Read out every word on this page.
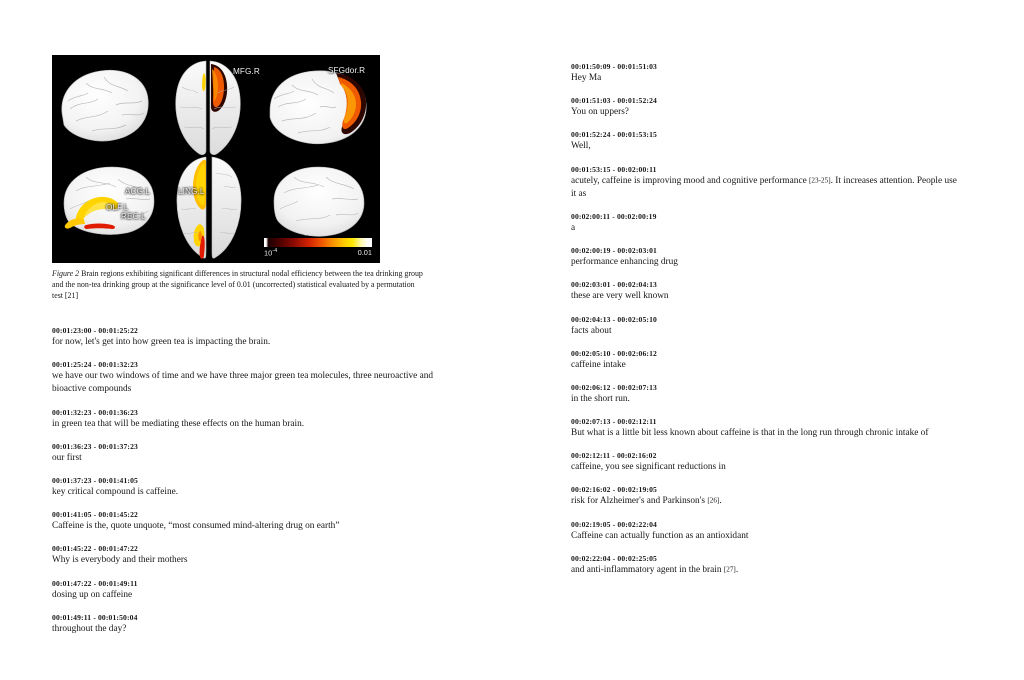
MFG.R	SFGdor.R
ACG.L
OLF.L
REC.L
LING.L
p-value
$10^{-4}$	0.01
Figure 2 Brain regions exhibiting significant differences in structural nodal efficiency between the tea drinking group and the non-tea drinking group at the significance level of 0.01 (uncorrected) statistical evaluated by a permutation test [21]
00:01:23:00 - 00:01:25:22
for now, let's get into how green tea is impacting the brain.
00:01:25:24 - 00:01:32:23
we have our two windows of time and we have three major green tea molecules, three neuroactive and bioactive compounds
00:01:32:23 - 00:01:36:23
in green tea that will be mediating these effects on the human brain.
00:01:36:23 - 00:01:37:23
our first
00:01:37:23 - 00:01:41:05
key critical compound is caffeine.
00:01:41:05 - 00:01:45:22
Caffeine is the, quote unquote, “most consumed mind-altering drug on earth”
00:01:45:22 - 00:01:47:22
Why is everybody and their mothers
00:01:47:22 - 00:01:49:11
dosing up on caffeine
00:01:49:11 - 00:01:50:04
throughout the day?
00:01:50:09 - 00:01:51:03
Hey Ma
00:01:51:03 - 00:01:52:24
You on uppers?
00:01:52:24 - 00:01:53:15
Well,
00:01:53:15 - 00:02:00:11
acutely, caffeine is improving mood and cognitive performance [23-25]. It increases attention. People use it as
00:02:00:11 - 00:02:00:19
a
00:02:00:19 - 00:02:03:01
performance enhancing drug
00:02:03:01 - 00:02:04:13
these are very well known
00:02:04:13 - 00:02:05:10
facts about
00:02:05:10 - 00:02:06:12
caffeine intake
00:02:06:12 - 00:02:07:13
in the short run.
00:02:07:13 - 00:02:12:11
But what is a little bit less known about caffeine is that in the long run through chronic intake of
00:02:12:11 - 00:02:16:02
caffeine, you see significant reductions in
00:02:16:02 - 00:02:19:05
risk for Alzheimer's and Parkinson's [26].
00:02:19:05 - 00:02:22:04
Caffeine can actually function as an antioxidant
00:02:22:04 - 00:02:25:05
and anti-inflammatory agent in the brain [27].
